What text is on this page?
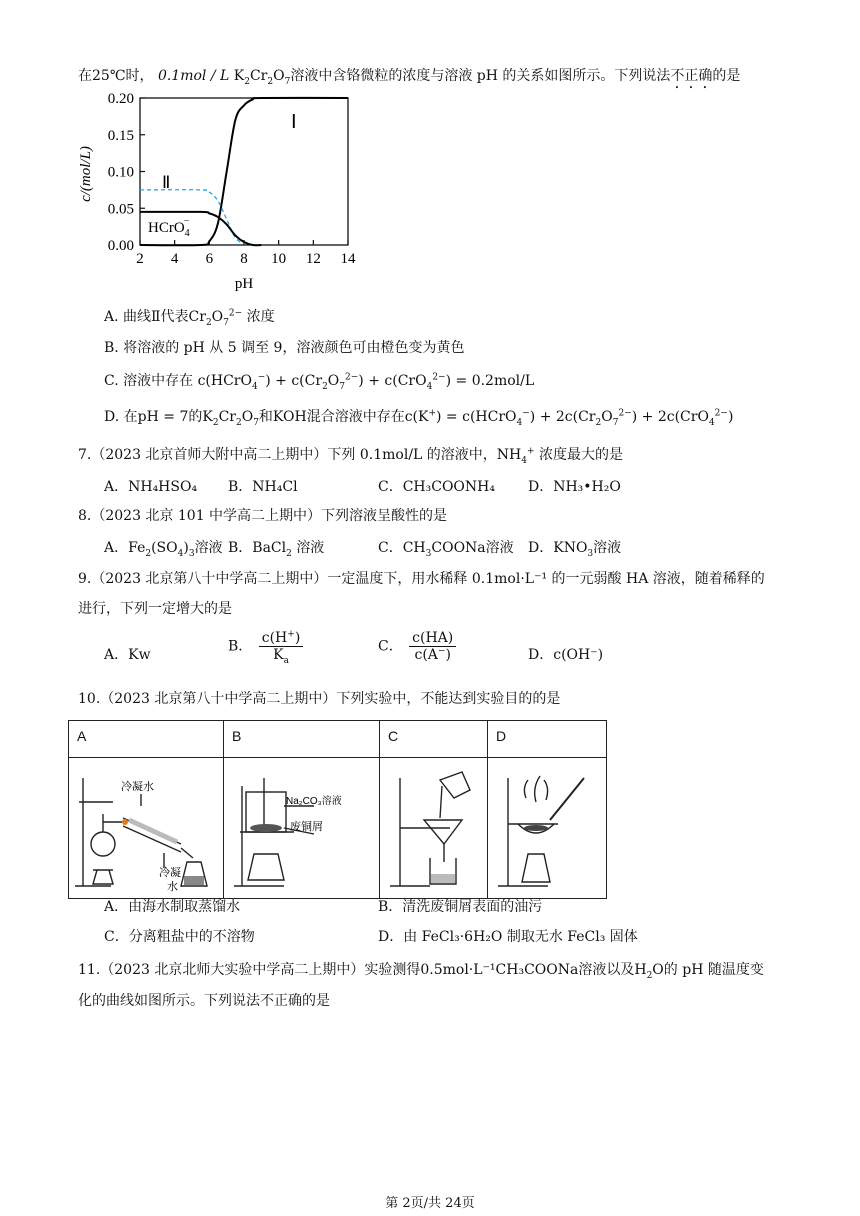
在25℃时， 0.1mol / L $K_2Cr_2O_7$溶液中含铬微粒的浓度与溶液 pH 的关系如图所示。下列说法不正确的是
c/(mol/L)
0.00
0.05
0.10
0.15
0.20
2 4 6 8 10 12 14
Ⅰ
Ⅱ
HCrO$_4$−
pH
A. 曲线Ⅱ代表$Cr_2O_7^{2-}$ 浓度
B. 将溶液的 pH 从 5 调至 9，溶液颜色可由橙色变为黄色
C. 溶液中存在 c(HCrO$_4$−) + $c(Cr_2O_7^{2-}) + c(CrO_4^{2-}) = 0.2mol/L$
D. 在pH = 7的$K_2Cr_2O_7$和KOH混合溶液中存在c(K+) = c(HCrO$_4$−) + $2c(Cr_2O_7^{2-}) + 2c(CrO_4^{2-})$
7.（2023 北京首师大附中高二上期中）下列 0.1mol/L 的溶液中，$NH_4^+$ 浓度最大的是
A．NH₄HSO₄ B．NH₄Cl	C．CH₃COONH₄ D．NH₃•H₂O
8.（2023 北京 101 中学高二上期中）下列溶液呈酸性的是
A．$Fe_2(SO_4)_3$溶液 B．BaCl$_2$ 溶液	C．$CH_3COONa$溶液 D．$KNO_3$溶液
9.（2023 北京第八十中学高二上期中）一定温度下，用水稀释 0.1mol·L⁻¹ 的一元弱酸 HA 溶液，随着稀释的
进行，下列一定增大的是
A．Kw
B． $\frac{c(H^+)}{K_a}$	C． $\frac{c(HA)}{c(A^-)}$	D．c(OH⁻)
10.（2023 北京第八十中学高二上期中）下列实验中，不能达到实验目的的是
A	B	C	D

冷凝水
冷凝
水	Na₂CO₃溶液
废铜屑

A．由海水制取蒸馏水	B．清洗废铜屑表面的油污
C．分离粗盐中的不溶物	D．由 FeCl₃·6H₂O 制取无水 FeCl₃ 固体
11.（2023 北京北师大实验中学高二上期中）实验测得0.5mol·L⁻¹CH₃COONa溶液以及$H_2O$的 pH 随温度变
化的曲线如图所示。下列说法不正确的是
第 2页/共 24页
